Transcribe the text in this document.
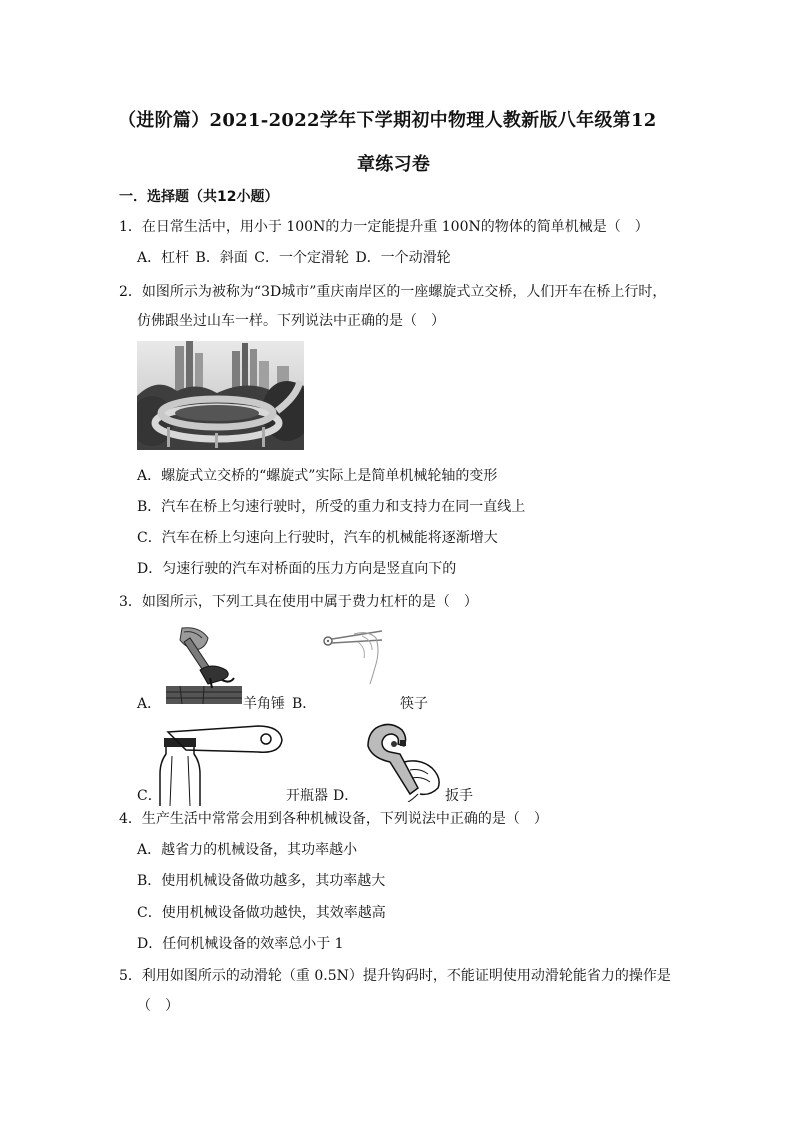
（进阶篇）2021-2022学年下学期初中物理人教新版八年级第12
章练习卷
一．选择题（共12小题）
1．在日常生活中，用小于 100N的力一定能提升重 100N的物体的简单机械是（　）
A．杠杆 B．斜面 C．一个定滑轮 D．一个动滑轮
2．如图所示为被称为“3D城市”重庆南岸区的一座螺旋式立交桥，人们开车在桥上行时，
仿佛跟坐过山车一样。下列说法中正确的是（　）
A．螺旋式立交桥的“螺旋式”实际上是简单机械轮轴的变形
B．汽车在桥上匀速行驶时，所受的重力和支持力在同一直线上
C．汽车在桥上匀速向上行驶时，汽车的机械能将逐渐增大
D．匀速行驶的汽车对桥面的压力方向是竖直向下的
3．如图所示，下列工具在使用中属于费力杠杆的是（　）
A．	羊角锤 B．	筷子
C．	开瓶器 D．	扳手
4．生产生活中常常会用到各种机械设备，下列说法中正确的是（　）
A．越省力的机械设备，其功率越小
B．使用机械设备做功越多，其功率越大
C．使用机械设备做功越快，其效率越高
D．任何机械设备的效率总小于 1
5．利用如图所示的动滑轮（重 0.5N）提升钩码时，不能证明使用动滑轮能省力的操作是
（　）
